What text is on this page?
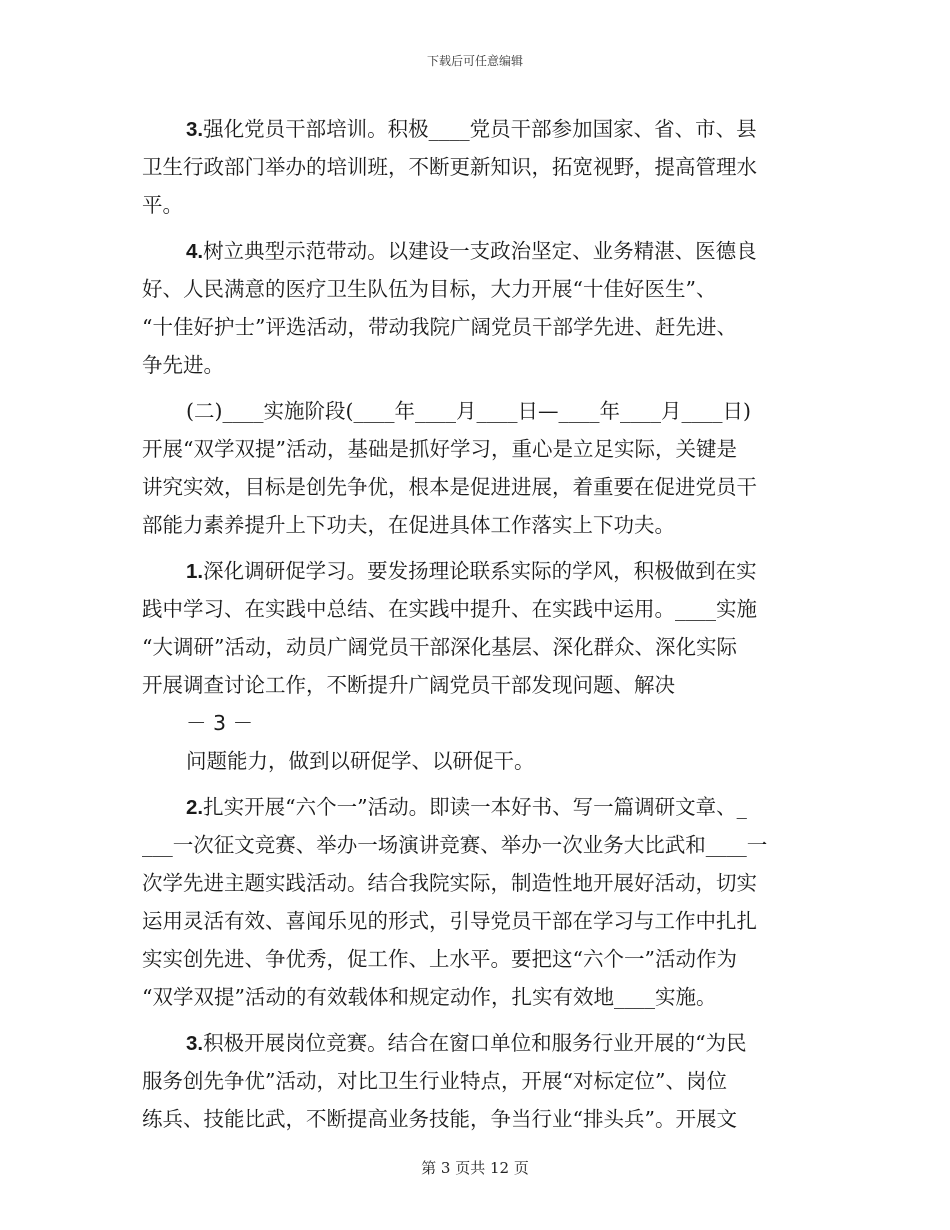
下载后可任意编辑
3.强化党员干部培训。积极____党员干部参加国家、省、市、县
卫生行政部门举办的培训班，不断更新知识，拓宽视野，提高管理水
平。
4.树立典型示范带动。以建设一支政治坚定、业务精湛、医德良
好、人民满意的医疗卫生队伍为目标，大力开展“十佳好医生”、
“十佳好护士”评选活动，带动我院广阔党员干部学先进、赶先进、
争先进。
(二)____实施阶段(____年____月____日—____年____月____日)
开展“双学双提”活动，基础是抓好学习，重心是立足实际，关键是
讲究实效，目标是创先争优，根本是促进进展，着重要在促进党员干
部能力素养提升上下功夫，在促进具体工作落实上下功夫。
1.深化调研促学习。要发扬理论联系实际的学风，积极做到在实
践中学习、在实践中总结、在实践中提升、在实践中运用。____实施
“大调研”活动，动员广阔党员干部深化基层、深化群众、深化实际
开展调查讨论工作，不断提升广阔党员干部发现问题、解决
－ 3 －
问题能力，做到以研促学、以研促干。
2.扎实开展“六个一”活动。即读一本好书、写一篇调研文章、_
___一次征文竞赛、举办一场演讲竞赛、举办一次业务大比武和____一
次学先进主题实践活动。结合我院实际，制造性地开展好活动，切实
运用灵活有效、喜闻乐见的形式，引导党员干部在学习与工作中扎扎
实实创先进、争优秀，促工作、上水平。要把这“六个一”活动作为
“双学双提”活动的有效载体和规定动作，扎实有效地____实施。
3.积极开展岗位竞赛。结合在窗口单位和服务行业开展的“为民
服务创先争优”活动，对比卫生行业特点，开展“对标定位”、岗位
练兵、技能比武，不断提高业务技能，争当行业“排头兵”。开展文
第 3 页共 12 页
